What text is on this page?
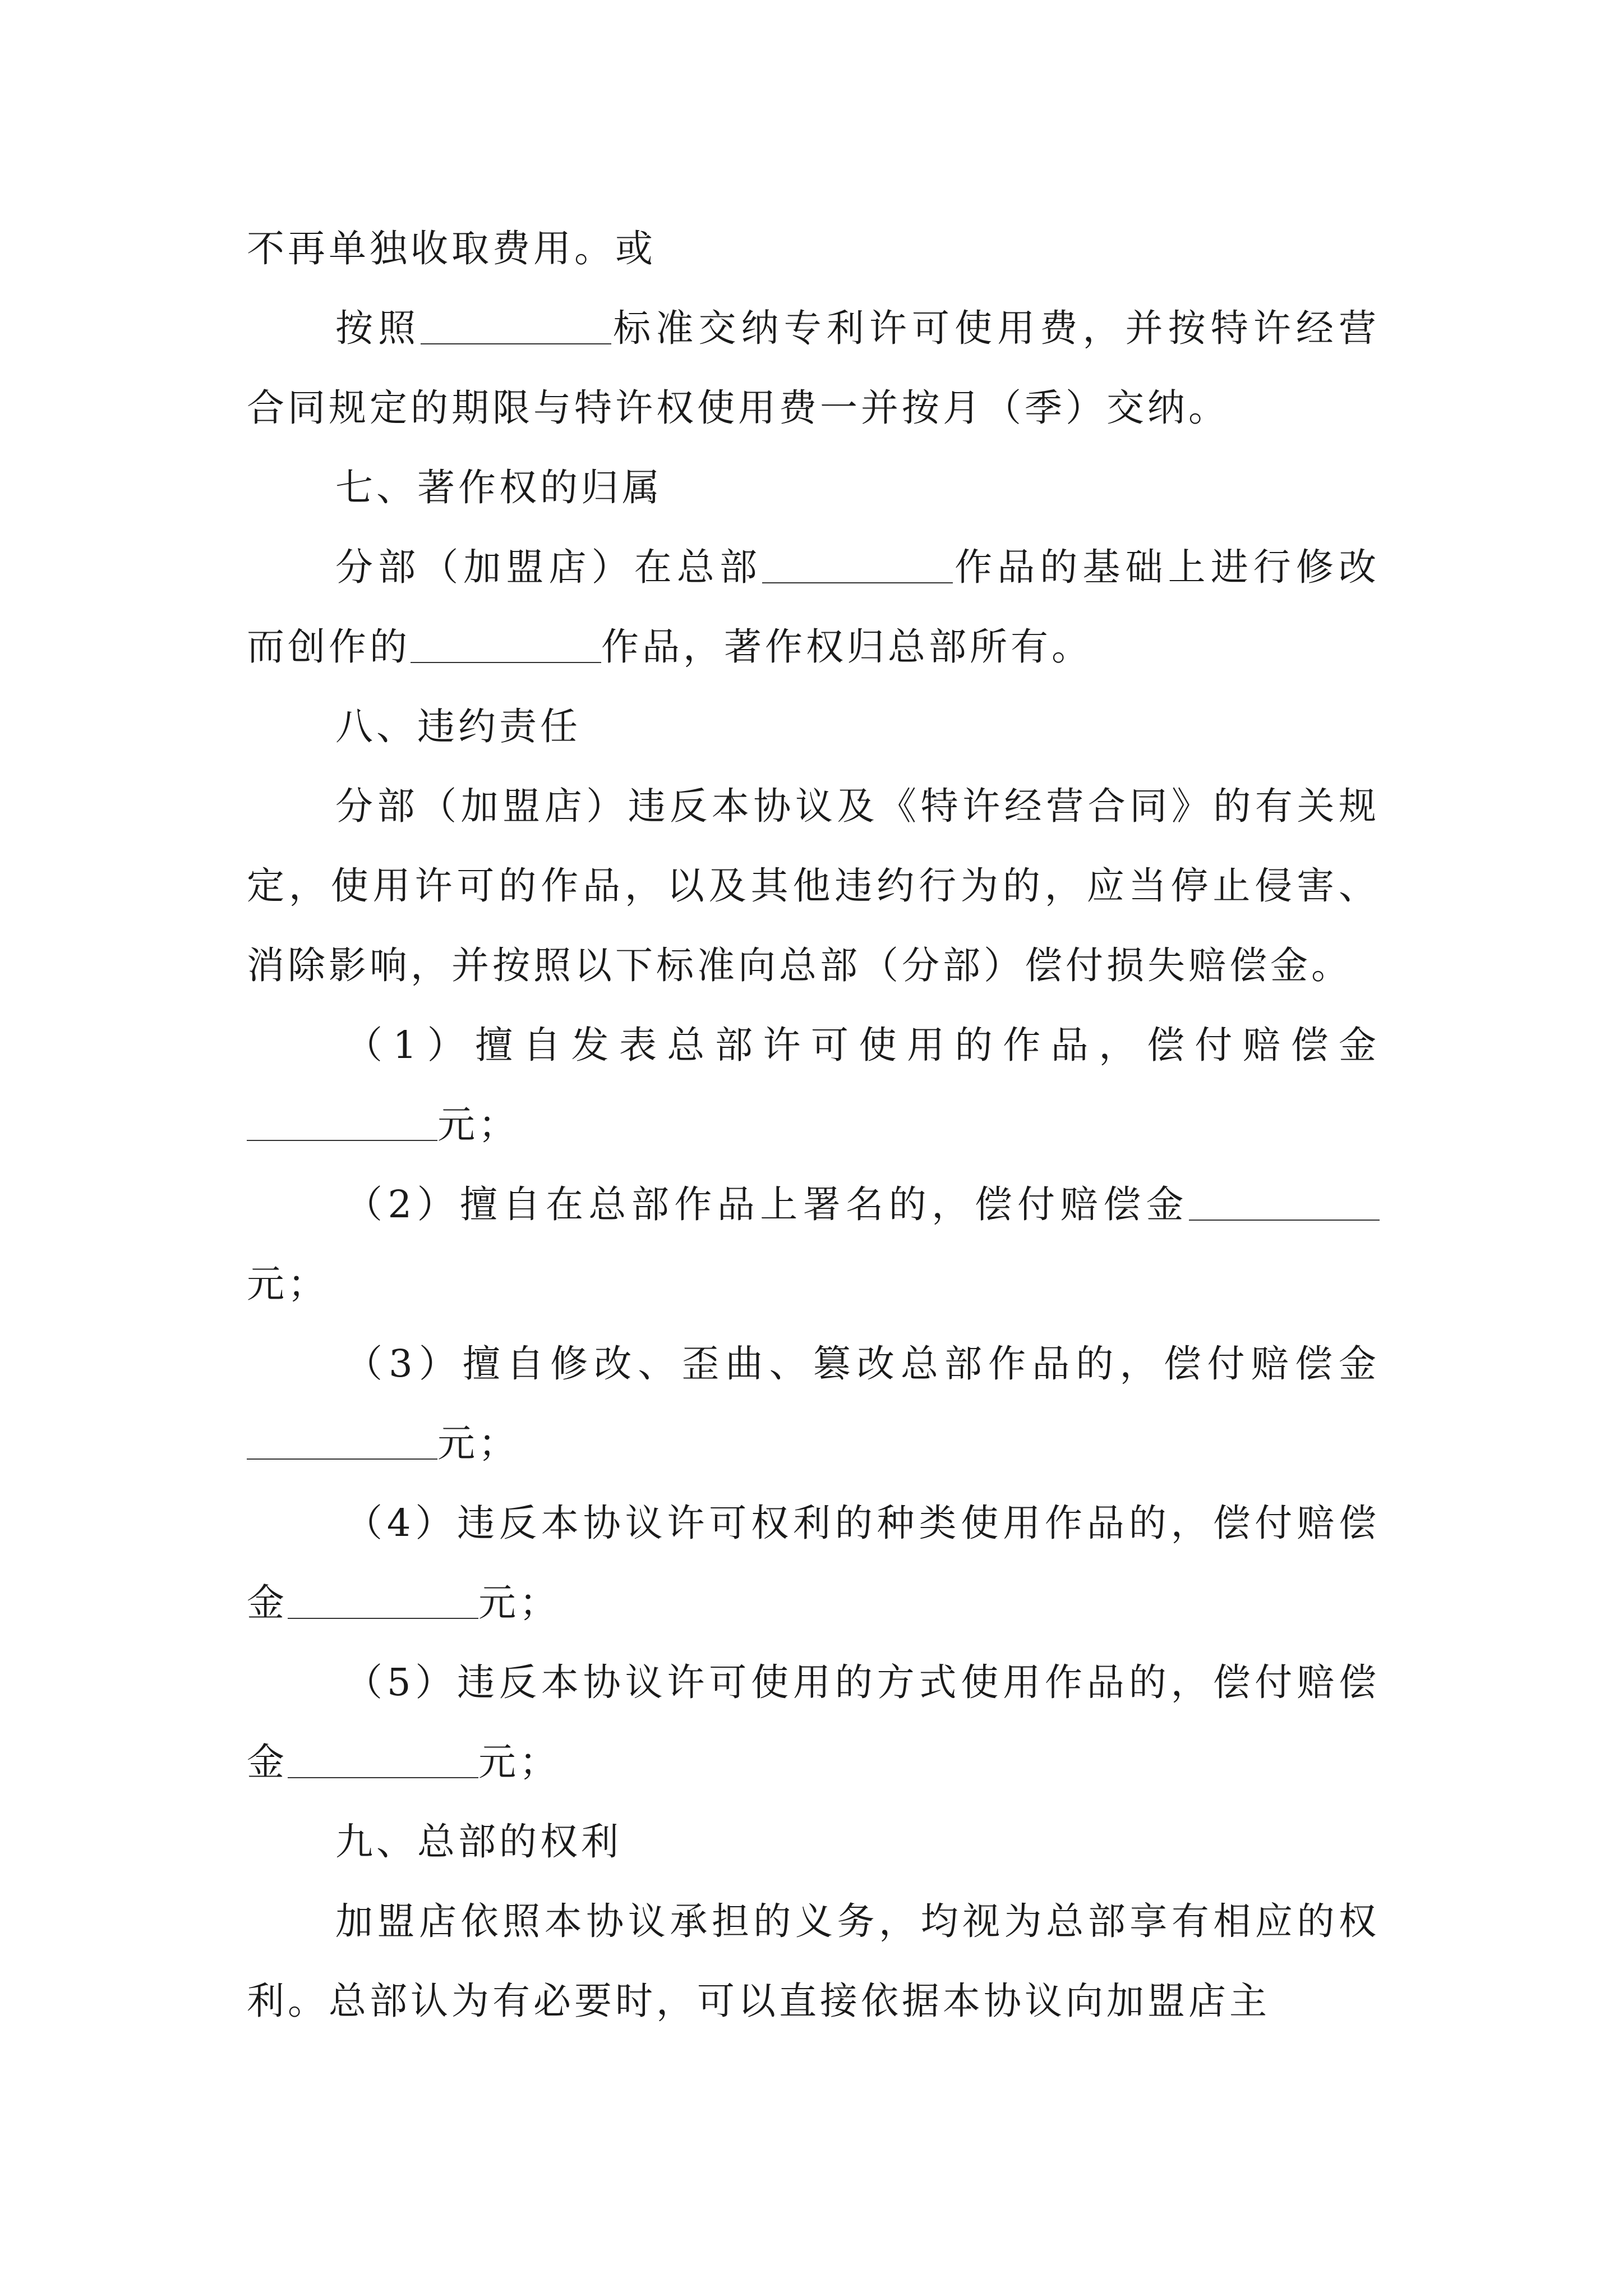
不再单独收取费用。或

按照	标准交纳专利许可使用费，并按特许经营合同规定的期限与特许权使用费一并按月（季）交纳。

七、著作权的归属

分部（加盟店）在总部	作品的基础上进行修改而创作的	作品，著作权归总部所有。

八、违约责任

分部（加盟店）违反本协议及《特许经营合同》的有关规定，使用许可的作品，以及其他违约行为的，应当停止侵害、消除影响，并按照以下标准向总部（分部）偿付损失赔偿金。

（1）擅自发表总部许可使用的作品，偿付赔偿金元；

（2）擅自在总部作品上署名的，偿付赔偿金元；

（3）擅自修改、歪曲、篡改总部作品的，偿付赔偿金元；

（4）违反本协议许可权利的种类使用作品的，偿付赔偿金	元；

（5）违反本协议许可使用的方式使用作品的，偿付赔偿金	元；

九、总部的权利

加盟店依照本协议承担的义务，均视为总部享有相应的权利。总部认为有必要时，可以直接依据本协议向加盟店主
